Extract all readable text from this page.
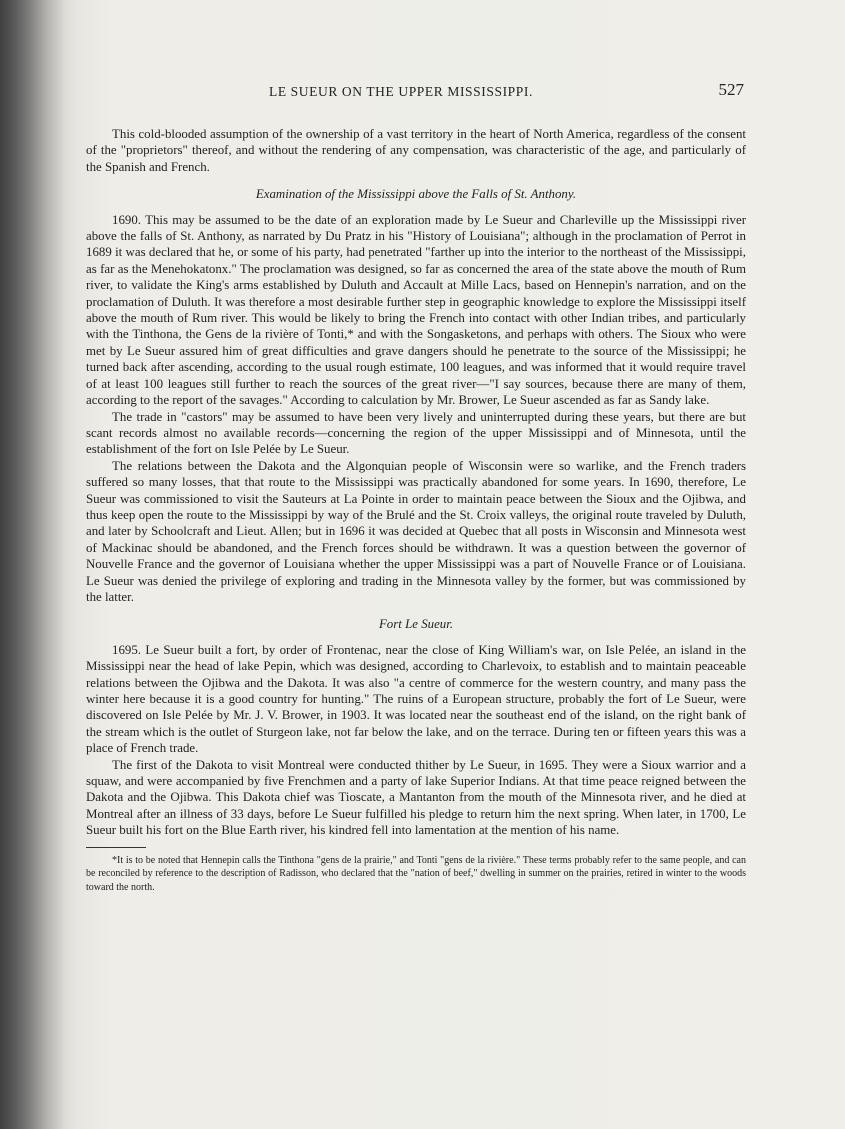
LE SUEUR ON THE UPPER MISSISSIPPI.	527

This cold-blooded assumption of the ownership of a vast territory in the heart of North America, regardless of the consent of the "proprietors" thereof, and without the rendering of any compensation, was characteristic of the age, and particularly of the Spanish and French.

Examination of the Mississippi above the Falls of St. Anthony.

1690. This may be assumed to be the date of an exploration made by Le Sueur and Charleville up the Mississippi river above the falls of St. Anthony, as narrated by Du Pratz in his "History of Louisiana"; although in the proclamation of Perrot in 1689 it was declared that he, or some of his party, had penetrated "farther up into the interior to the northeast of the Mississippi, as far as the Menehokatonx." The proclamation was designed, so far as concerned the area of the state above the mouth of Rum river, to validate the King's arms established by Duluth and Accault at Mille Lacs, based on Hennepin's narration, and on the proclamation of Duluth. It was therefore a most desirable further step in geographic knowledge to explore the Mississippi itself above the mouth of Rum river. This would be likely to bring the French into contact with other Indian tribes, and particularly with the Tinthona, the Gens de la rivière of Tonti,* and with the Songasketons, and perhaps with others. The Sioux who were met by Le Sueur assured him of great difficulties and grave dangers should he penetrate to the source of the Mississippi; he turned back after ascending, according to the usual rough estimate, 100 leagues, and was informed that it would require travel of at least 100 leagues still further to reach the sources of the great river—"I say sources, because there are many of them, according to the report of the savages." According to calculation by Mr. Brower, Le Sueur ascended as far as Sandy lake.

The trade in "castors" may be assumed to have been very lively and uninterrupted during these years, but there are but scant records almost no available records—concerning the region of the upper Mississippi and of Minnesota, until the establishment of the fort on Isle Pelée by Le Sueur.

The relations between the Dakota and the Algonquian people of Wisconsin were so warlike, and the French traders suffered so many losses, that that route to the Mississippi was practically abandoned for some years. In 1690, therefore, Le Sueur was commissioned to visit the Sauteurs at La Pointe in order to maintain peace between the Sioux and the Ojibwa, and thus keep open the route to the Mississippi by way of the Brulé and the St. Croix valleys, the original route traveled by Duluth, and later by Schoolcraft and Lieut. Allen; but in 1696 it was decided at Quebec that all posts in Wisconsin and Minnesota west of Mackinac should be abandoned, and the French forces should be withdrawn. It was a question between the governor of Nouvelle France and the governor of Louisiana whether the upper Mississippi was a part of Nouvelle France or of Louisiana. Le Sueur was denied the privilege of exploring and trading in the Minnesota valley by the former, but was commissioned by the latter.

Fort Le Sueur.

1695. Le Sueur built a fort, by order of Frontenac, near the close of King William's war, on Isle Pelée, an island in the Mississippi near the head of lake Pepin, which was designed, according to Charlevoix, to establish and to maintain peaceable relations between the Ojibwa and the Dakota. It was also "a centre of commerce for the western country, and many pass the winter here because it is a good country for hunting." The ruins of a European structure, probably the fort of Le Sueur, were discovered on Isle Pelée by Mr. J. V. Brower, in 1903. It was located near the southeast end of the island, on the right bank of the stream which is the outlet of Sturgeon lake, not far below the lake, and on the terrace. During ten or fifteen years this was a place of French trade.

The first of the Dakota to visit Montreal were conducted thither by Le Sueur, in 1695. They were a Sioux warrior and a squaw, and were accompanied by five Frenchmen and a party of lake Superior Indians. At that time peace reigned between the Dakota and the Ojibwa. This Dakota chief was Tioscate, a Mantanton from the mouth of the Minnesota river, and he died at Montreal after an illness of 33 days, before Le Sueur fulfilled his pledge to return him the next spring. When later, in 1700, Le Sueur built his fort on the Blue Earth river, his kindred fell into lamentation at the mention of his name.

*It is to be noted that Hennepin calls the Tinthona "gens de la prairie," and Tonti "gens de la rivière." These terms probably refer to the same people, and can be reconciled by reference to the description of Radisson, who declared that the "nation of beef," dwelling in summer on the prairies, retired in winter to the woods toward the north.
